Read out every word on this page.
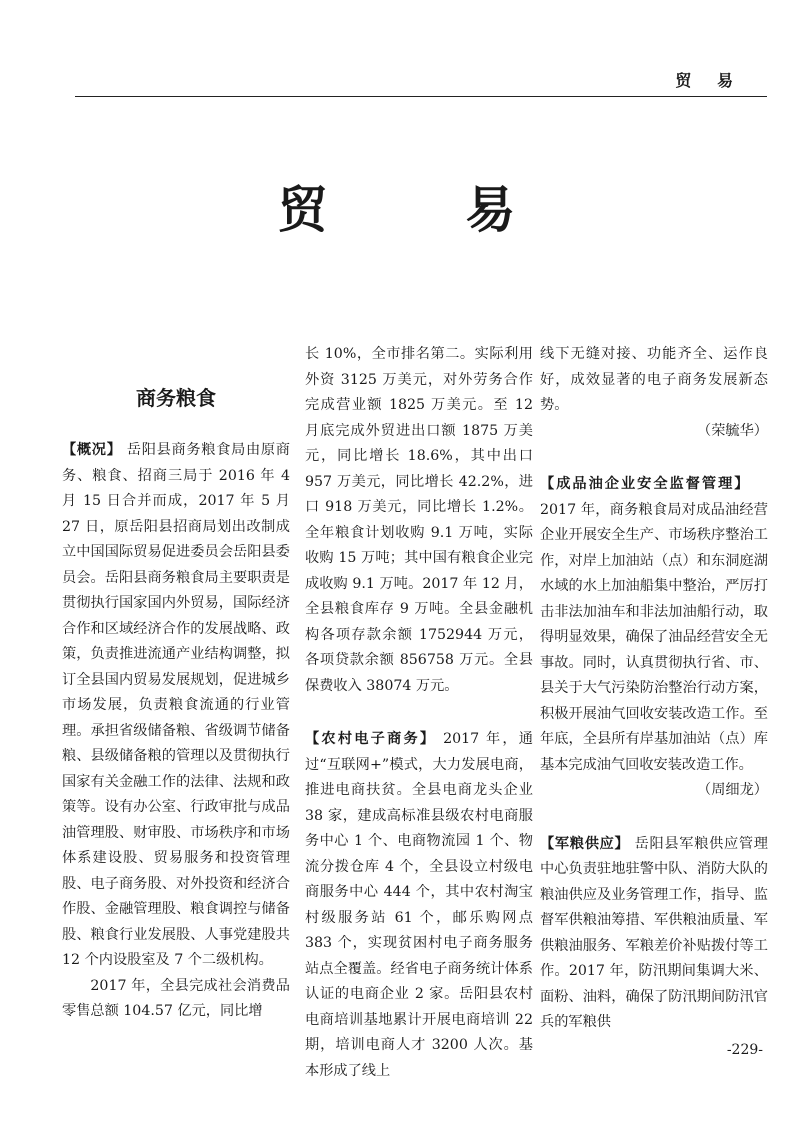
贸 易
贸 易
商务粮食

【概况】 岳阳县商务粮食局由原商务、粮食、招商三局于 2016 年 4 月 15 日合并而成，2017 年 5 月 27 日，原岳阳县招商局划出改制成立中国国际贸易促进委员会岳阳县委员会。岳阳县商务粮食局主要职责是贯彻执行国家国内外贸易，国际经济合作和区域经济合作的发展战略、政策，负责推进流通产业结构调整，拟订全县国内贸易发展规划，促进城乡市场发展，负责粮食流通的行业管理。承担省级储备粮、省级调节储备粮、县级储备粮的管理以及贯彻执行国家有关金融工作的法律、法规和政策等。设有办公室、行政审批与成品油管理股、财审股、市场秩序和市场体系建设股、贸易服务和投资管理股、电子商务股、对外投资和经济合作股、金融管理股、粮食调控与储备股、粮食行业发展股、人事党建股共 12 个内设股室及 7 个二级机构。

2017 年，全县完成社会消费品零售总额 104.57 亿元，同比增

长 10%，全市排名第二。实际利用外资 3125 万美元，对外劳务合作完成营业额 1825 万美元。至 12 月底完成外贸进出口额 1875 万美元，同比增长 18.6%，其中出口 957 万美元，同比增长 42.2%，进口 918 万美元，同比增长 1.2%。全年粮食计划收购 9.1 万吨，实际收购 15 万吨；其中国有粮食企业完成收购 9.1 万吨。2017 年 12 月，全县粮食库存 9 万吨。全县金融机构各项存款余额 1752944 万元，各项贷款余额 856758 万元。全县保费收入 38074 万元。

【农村电子商务】 2017 年，通过“互联网+”模式，大力发展电商，推进电商扶贫。全县电商龙头企业 38 家，建成高标准县级农村电商服务中心 1 个、电商物流园 1 个、物流分拨仓库 4 个，全县设立村级电商服务中心 444 个，其中农村淘宝村级服务站 61 个，邮乐购网点 383 个，实现贫困村电子商务服务站点全覆盖。经省电子商务统计体系认证的电商企业 2 家。岳阳县农村电商培训基地累计开展电商培训 22 期，培训电商人才 3200 人次。基本形成了线上

线下无缝对接、功能齐全、运作良好，成效显著的电子商务发展新态势。

（荣毓华）

【成品油企业安全监督管理】

2017 年，商务粮食局对成品油经营企业开展安全生产、市场秩序整治工作，对岸上加油站（点）和东洞庭湖水域的水上加油船集中整治，严厉打击非法加油车和非法加油船行动，取得明显效果，确保了油品经营安全无事故。同时，认真贯彻执行省、市、县关于大气污染防治整治行动方案，积极开展油气回收安装改造工作。至年底，全县所有岸基加油站（点）库基本完成油气回收安装改造工作。

（周细龙）

【军粮供应】 岳阳县军粮供应管理中心负责驻地驻警中队、消防大队的粮油供应及业务管理工作，指导、监督军供粮油筹措、军供粮油质量、军供粮油服务、军粮差价补贴拨付等工作。2017 年，防汛期间集调大米、面粉、油料，确保了防汛期间防汛官兵的军粮供

-229-
